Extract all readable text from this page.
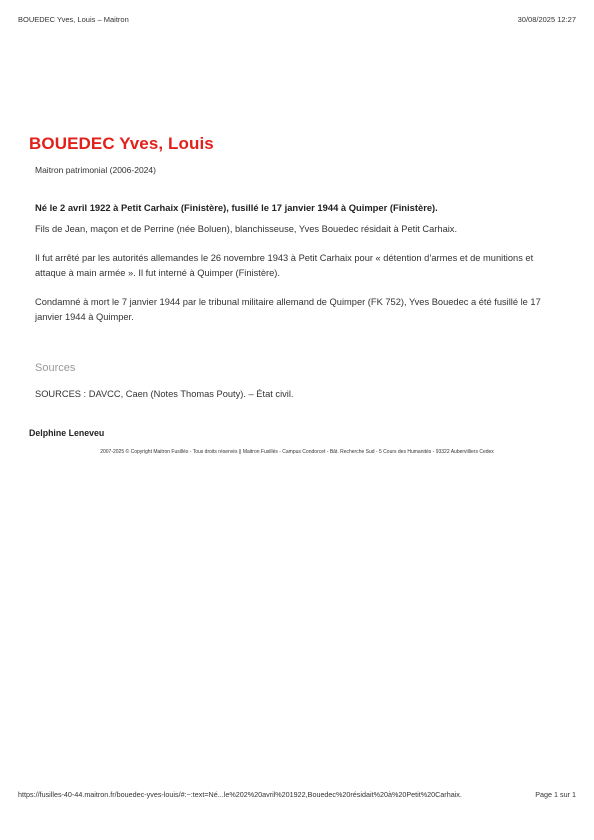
BOUEDEC Yves, Louis – Maitron	30/08/2025 12:27
BOUEDEC Yves, Louis
Maitron patrimonial (2006-2024)
Né le 2 avril 1922 à Petit Carhaix (Finistère), fusillé le 17 janvier 1944 à Quimper (Finistère).

Fils de Jean, maçon et de Perrine (née Boluen), blanchisseuse, Yves Bouedec résidait à Petit Carhaix.

Il fut arrêté par les autorités allemandes le 26 novembre 1943 à Petit Carhaix pour « détention d’armes et de munitions et attaque à main armée ». Il fut interné à Quimper (Finistère).

Condamné à mort le 7 janvier 1944 par le tribunal militaire allemand de Quimper (FK 752), Yves Bouedec a été fusillé le 17 janvier 1944 à Quimper.

Sources
SOURCES : DAVCC, Caen (Notes Thomas Pouty). – État civil.
Delphine Leneveu
2007-2025 © Copyright Maitron Fusillés - Tous droits réservés || Maitron Fusillés - Campus Condorcet - Bât. Recherche Sud - 5 Cours des Humanités - 93322 Aubervilliers Cedex
https://fusilles-40-44.maitron.fr/bouedec-yves-louis/#:~:text=Né...le%202%20avril%201922,Bouedec%20résidait%20à%20Petit%20Carhaix.	Page 1 sur 1
